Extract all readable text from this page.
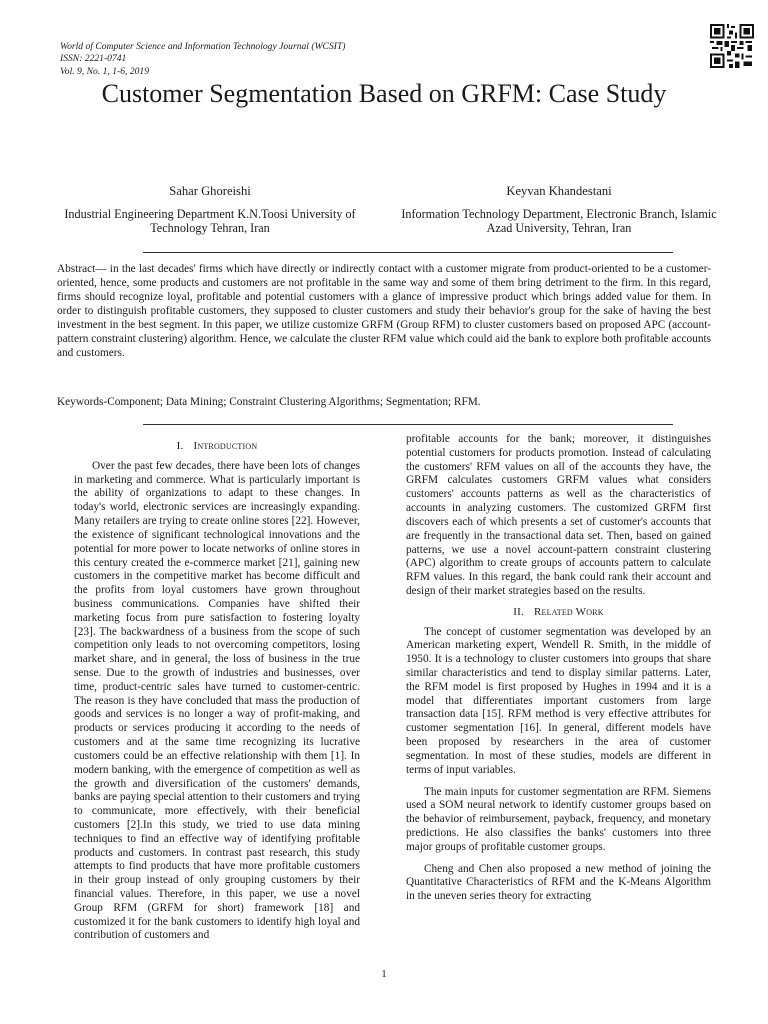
World of Computer Science and Information Technology Journal (WCSIT)
ISSN: 2221-0741
Vol. 9, No. 1, 1-6, 2019
Customer Segmentation Based on GRFM: Case Study
Sahar Ghoreishi
Industrial Engineering Department K.N.Toosi University of Technology Tehran, Iran
Keyvan Khandestani
Information Technology Department, Electronic Branch, Islamic Azad University, Tehran, Iran

Abstract— in the last decades' firms which have directly or indirectly contact with a customer migrate from product-oriented to be a customer-oriented, hence, some products and customers are not profitable in the same way and some of them bring detriment to the firm. In this regard, firms should recognize loyal, profitable and potential customers with a glance of impressive product which brings added value for them. In order to distinguish profitable customers, they supposed to cluster customers and study their behavior's group for the sake of having the best investment in the best segment. In this paper, we utilize customize GRFM (Group RFM) to cluster customers based on proposed APC (account-pattern constraint clustering) algorithm. Hence, we calculate the cluster RFM value which could aid the bank to explore both profitable accounts and customers.

Keywords-Component; Data Mining; Constraint Clustering Algorithms; Segmentation; RFM.

I. Introduction

Over the past few decades, there have been lots of changes in marketing and commerce. What is particularly important is the ability of organizations to adapt to these changes. In today's world, electronic services are increasingly expanding. Many retailers are trying to create online stores [22]. However, the existence of significant technological innovations and the potential for more power to locate networks of online stores in this century created the e-commerce market [21], gaining new customers in the competitive market has become difficult and the profits from loyal customers have grown throughout business communications. Companies have shifted their marketing focus from pure satisfaction to fostering loyalty [23]. The backwardness of a business from the scope of such competition only leads to not overcoming competitors, losing market share, and in general, the loss of business in the true sense. Due to the growth of industries and businesses, over time, product-centric sales have turned to customer-centric. The reason is they have concluded that mass the production of goods and services is no longer a way of profit-making, and products or services producing it according to the needs of customers and at the same time recognizing its lucrative customers could be an effective relationship with them [1]. In modern banking, with the emergence of competition as well as the growth and diversification of the customers' demands, banks are paying special attention to their customers and trying to communicate, more effectively, with their beneficial customers [2].In this study, we tried to use data mining techniques to find an effective way of identifying profitable products and customers. In contrast past research, this study attempts to find products that have more profitable customers in their group instead of only grouping customers by their financial values. Therefore, in this paper, we use a novel Group RFM (GRFM for short) framework [18] and customized it for the bank customers to identify high loyal and contribution of customers and

profitable accounts for the bank; moreover, it distinguishes potential customers for products promotion. Instead of calculating the customers' RFM values on all of the accounts they have, the GRFM calculates customers GRFM values what considers customers' accounts patterns as well as the characteristics of accounts in analyzing customers. The customized GRFM first discovers each of which presents a set of customer's accounts that are frequently in the transactional data set. Then, based on gained patterns, we use a novel account-pattern constraint clustering (APC) algorithm to create groups of accounts pattern to calculate RFM values. In this regard, the bank could rank their account and design of their market strategies based on the results.

II. Related Work

The concept of customer segmentation was developed by an American marketing expert, Wendell R. Smith, in the middle of 1950. It is a technology to cluster customers into groups that share similar characteristics and tend to display similar patterns. Later, the RFM model is first proposed by Hughes in 1994 and it is a model that differentiates important customers from large transaction data [15]. RFM method is very effective attributes for customer segmentation [16]. In general, different models have been proposed by researchers in the area of customer segmentation. In most of these studies, models are different in terms of input variables.

The main inputs for customer segmentation are RFM. Siemens used a SOM neural network to identify customer groups based on the behavior of reimbursement, payback, frequency, and monetary predictions. He also classifies the banks' customers into three major groups of profitable customer groups.

Cheng and Chen also proposed a new method of joining the Quantitative Characteristics of RFM and the K-Means Algorithm in the uneven series theory for extracting

1
